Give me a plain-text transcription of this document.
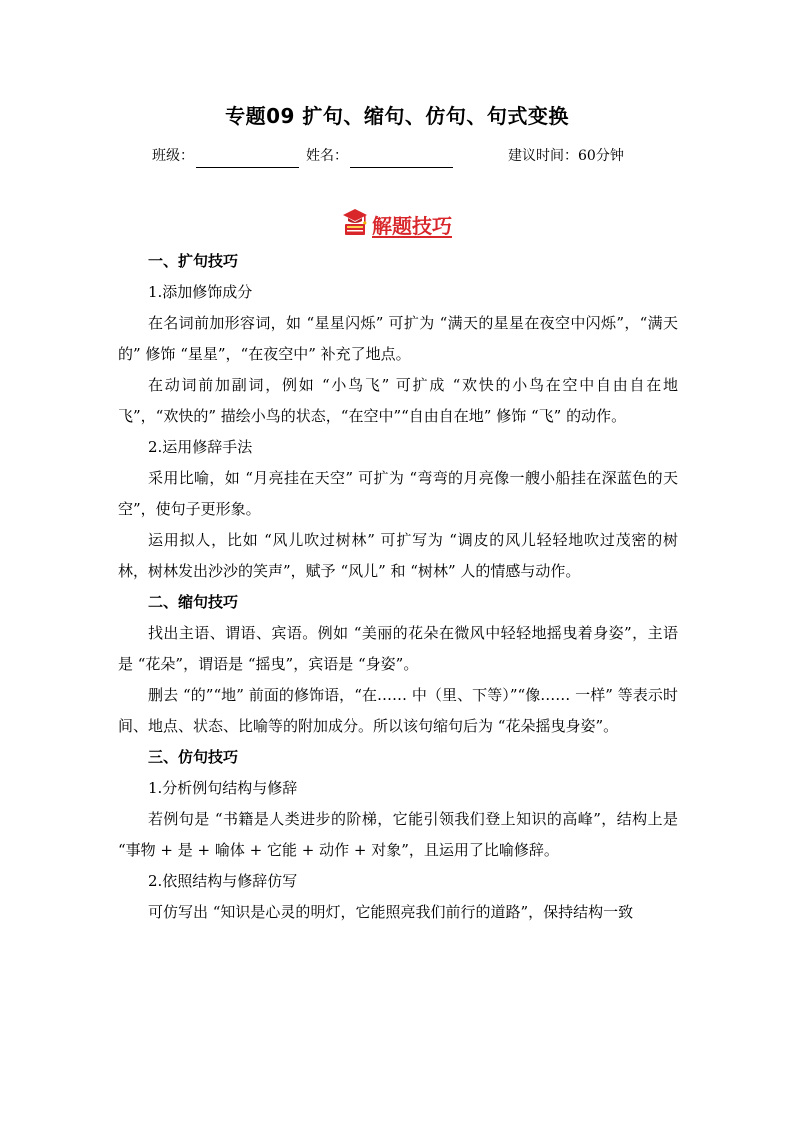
专题09 扩句、缩句、仿句、句式变换
班级：	姓名：	建议时间：60分钟
解题技巧
一、扩句技巧

1.添加修饰成分

在名词前加形容词，如 “星星闪烁” 可扩为 “满天的星星在夜空中闪烁”，“满天的” 修饰 “星星”，“在夜空中” 补充了地点。

在动词前加副词，例如 “小鸟飞” 可扩成 “欢快的小鸟在空中自由自在地飞”，“欢快的” 描绘小鸟的状态，“在空中”“自由自在地” 修饰 “飞” 的动作。

2.运用修辞手法

采用比喻，如 “月亮挂在天空” 可扩为 “弯弯的月亮像一艘小船挂在深蓝色的天空”，使句子更形象。

运用拟人，比如 “风儿吹过树林” 可扩写为 “调皮的风儿轻轻地吹过茂密的树林，树林发出沙沙的笑声”，赋予 “风儿” 和 “树林” 人的情感与动作。

二、缩句技巧

找出主语、谓语、宾语。例如 “美丽的花朵在微风中轻轻地摇曳着身姿”，主语是 “花朵”，谓语是 “摇曳”，宾语是 “身姿”。

删去 “的”“地” 前面的修饰语，“在…… 中（里、下等）”“像…… 一样” 等表示时间、地点、状态、比喻等的附加成分。所以该句缩句后为 “花朵摇曳身姿”。

三、仿句技巧

1.分析例句结构与修辞

若例句是 “书籍是人类进步的阶梯，它能引领我们登上知识的高峰”，结构上是 “事物 + 是 + 喻体 + 它能 + 动作 + 对象”，且运用了比喻修辞。

2.依照结构与修辞仿写

可仿写出 “知识是心灵的明灯，它能照亮我们前行的道路”，保持结构一致
